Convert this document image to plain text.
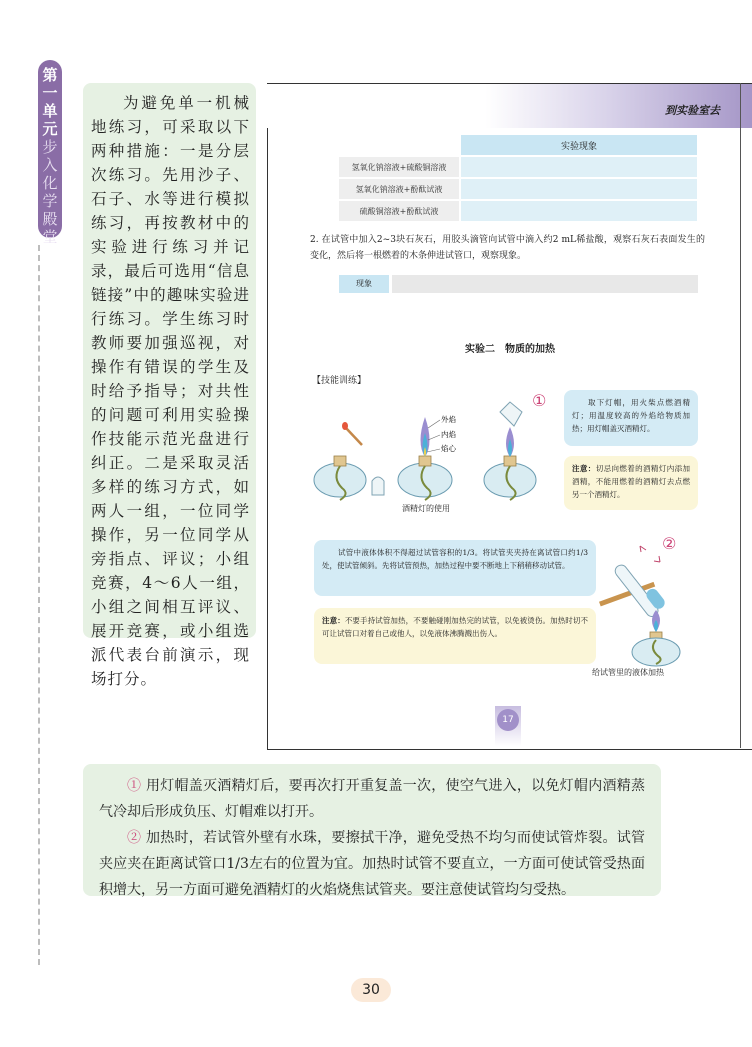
第一单元
步入化学殿堂
为避免单一机械地练习，可采取以下两种措施：一是分层次练习。先用沙子、石子、水等进行模拟练习，再按教材中的实验进行练习并记录，最后可选用“信息链接”中的趣味实验进行练习。学生练习时教师要加强巡视，对操作有错误的学生及时给予指导；对共性的问题可利用实验操作技能示范光盘进行纠正。二是采取灵活多样的练习方式，如两人一组，一位同学操作，另一位同学从旁指点、评议；小组竞赛，4～6人一组，小组之间相互评议、展开竞赛，或小组选派代表台前演示，现场打分。
到实验室去
	实验现象
氢氧化钠溶液+硫酸铜溶液	
氢氧化钠溶液+酚酞试液	
硫酸铜溶液+酚酞试液	
2. 在试管中加入2~3块石灰石，用胶头滴管向试管中滴入约2 mL稀盐酸，观察石灰石表面发生的变化，然后将一根燃着的木条伸进试管口，观察现象。
现象
实验二　物质的加热
【技能训练】
①
②
外焰
内焰
焰心
酒精灯的使用
取下灯帽，用火柴点燃酒精灯；用温度较高的外焰给物质加热；用灯帽盖灭酒精灯。
注意：切忌向燃着的酒精灯内添加酒精，不能用燃着的酒精灯去点燃另一个酒精灯。
试管中液体体积不得超过试管容积的1/3。将试管夹夹持在离试管口约1/3处，使试管倾斜。先将试管预热，加热过程中要不断地上下稍稍移动试管。
注意：不要手持试管加热，不要触碰刚加热完的试管，以免被烫伤。加热时切不可让试管口对着自己或他人，以免液体沸腾溅出伤人。
给试管里的液体加热
17

① 用灯帽盖灭酒精灯后，要再次打开重复盖一次，使空气进入，以免灯帽内酒精蒸气冷却后形成负压、灯帽难以打开。

② 加热时，若试管外壁有水珠，要擦拭干净，避免受热不均匀而使试管炸裂。试管夹应夹在距离试管口1/3左右的位置为宜。加热时试管不要直立，一方面可使试管受热面积增大，另一方面可避免酒精灯的火焰烧焦试管夹。要注意使试管均匀受热。

30
